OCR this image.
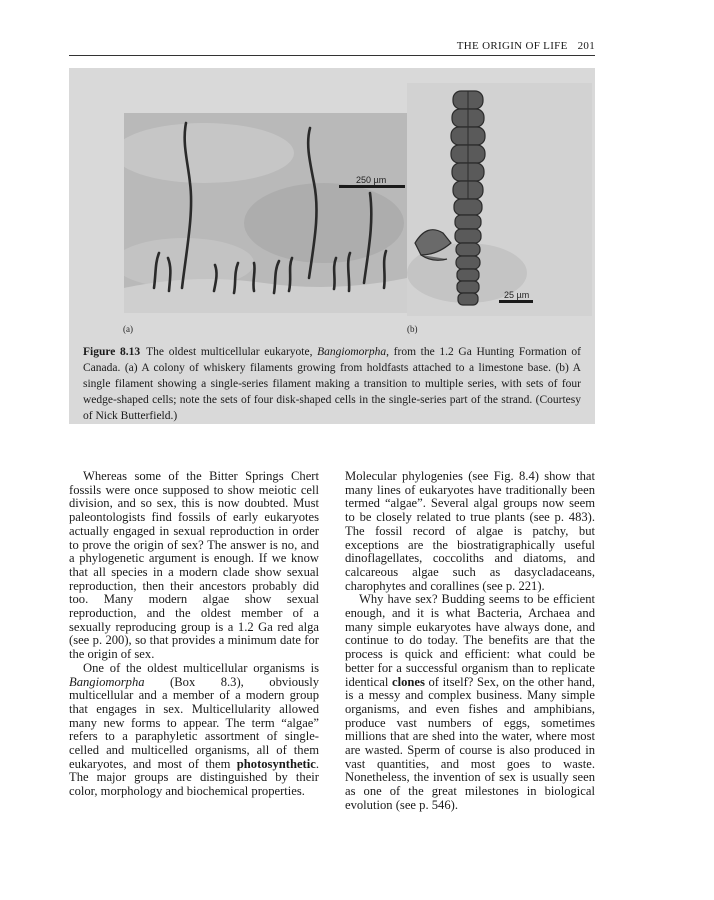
THE ORIGIN OF LIFE 201
250 µm
25 µm
(a)	(b)
Figure 8.13 The oldest multicellular eukaryote, Bangiomorpha, from the 1.2 Ga Hunting Formation of Canada. (a) A colony of whiskery filaments growing from holdfasts attached to a limestone base. (b) A single filament showing a single-series filament making a transition to multiple series, with sets of four wedge-shaped cells; note the sets of four disk-shaped cells in the single-series part of the strand. (Courtesy of Nick Butterfield.)

Whereas some of the Bitter Springs Chert fossils were once supposed to show meiotic cell division, and so sex, this is now doubted. Must paleontologists find fossils of early eukaryotes actually engaged in sexual reproduction in order to prove the origin of sex? The answer is no, and a phylogenetic argument is enough. If we know that all species in a modern clade show sexual reproduction, then their ancestors probably did too. Many modern algae show sexual reproduction, and the oldest member of a sexually reproducing group is a 1.2 Ga red alga (see p. 200), so that provides a minimum date for the origin of sex.

One of the oldest multicellular organisms is Bangiomorpha (Box 8.3), obviously multicellular and a member of a modern group that engages in sex. Multicellularity allowed many new forms to appear. The term “algae” refers to a paraphyletic assortment of single-celled and multicelled organisms, all of them eukaryotes, and most of them photosynthetic. The major groups are distinguished by their color, morphology and biochemical properties.

Molecular phylogenies (see Fig. 8.4) show that many lines of eukaryotes have traditionally been termed “algae”. Several algal groups now seem to be closely related to true plants (see p. 483). The fossil record of algae is patchy, but exceptions are the biostratigraphically useful dinoflagellates, coccoliths and diatoms, and calcareous algae such as dasycladaceans, charophytes and corallines (see p. 221).

Why have sex? Budding seems to be efficient enough, and it is what Bacteria, Archaea and many simple eukaryotes have always done, and continue to do today. The benefits are that the process is quick and efficient: what could be better for a successful organism than to replicate identical clones of itself? Sex, on the other hand, is a messy and complex business. Many simple organisms, and even fishes and amphibians, produce vast numbers of eggs, sometimes millions that are shed into the water, where most are wasted. Sperm of course is also produced in vast quantities, and most goes to waste. Nonetheless, the invention of sex is usually seen as one of the great milestones in biological evolution (see p. 546).
